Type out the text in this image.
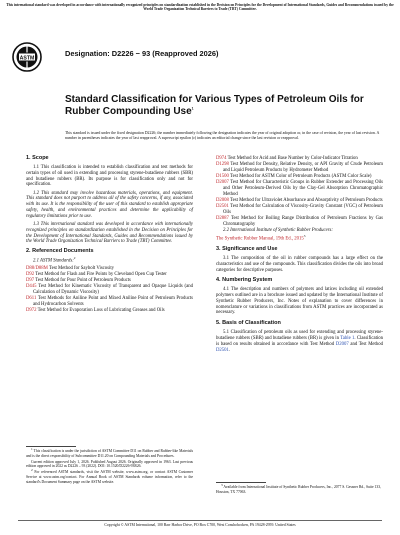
This international standard was developed in accordance with internationally recognized principles on standardization established in the Decision on Principles for the Development of International Standards, Guides and Recommendations issued by the World Trade Organization Technical Barriers to Trade (TBT) Committee.
ASTM
Designation: D2226 − 93 (Reapproved 2026)
Standard Classification for Various Types of Petroleum Oils for Rubber Compounding Use$^1$
This standard is issued under the fixed designation D2226; the number immediately following the designation indicates the year of original adoption or, in the case of revision, the year of last revision. A number in parentheses indicates the year of last reapproval. A superscript epsilon (ε) indicates an editorial change since the last revision or reapproval.
1. Scope
1.1 This classification is intended to establish classification and test methods for certain types of oil used in extending and processing styrene-butadiene rubbers (SBR) and butadiene rubbers (BR). Its purpose is for classification only and not for specification.
1.2 This standard may involve hazardous materials, operations, and equipment. This standard does not purport to address all of the safety concerns, if any, associated with its use. It is the responsibility of the user of this standard to establish appropriate safety, health, and environmental practices and determine the applicability of regulatory limitations prior to use.
1.3 This international standard was developed in accordance with internationally recognized principles on standardization established in the Decision on Principles for the Development of International Standards, Guides and Recommendations issued by the World Trade Organization Technical Barriers to Trade (TBT) Committee.
2. Referenced Documents
2.1 ASTM Standards:$^2$
D88/D88M Test Method for Saybolt Viscosity
D92 Test Method for Flash and Fire Points by Cleveland Open Cup Tester
D97 Test Method for Pour Point of Petroleum Products
D445 Test Method for Kinematic Viscosity of Transparent and Opaque Liquids (and Calculation of Dynamic Viscosity)
D611 Test Methods for Aniline Point and Mixed Aniline Point of Petroleum Products and Hydrocarbon Solvents
D972 Test Method for Evaporation Loss of Lubricating Greases and Oils

1 This classification is under the jurisdiction of ASTM Committee D11 on Rubber and Rubber-like Materials and is the direct responsibility of Subcommittee D11.20 on Compounding Materials and Procedures.

Current edition approved July 1, 2026. Published August 2026. Originally approved in 1963. Last previous edition approved in 2022 as D2226 – 93 (2022). DOI: 10.1520/D2226-93R26.

2 For referenced ASTM standards, visit the ASTM website, www.astm.org, or contact ASTM Customer Service at www.astm.org/contact. For Annual Book of ASTM Standards volume information, refer to the standard's Document Summary page on the ASTM website.

D974 Test Method for Acid and Base Number by Color-Indicator Titration
D1298 Test Method for Density, Relative Density, or API Gravity of Crude Petroleum and Liquid Petroleum Products by Hydrometer Method
D1500 Test Method for ASTM Color of Petroleum Products (ASTM Color Scale)
D2007 Test Method for Characteristic Groups in Rubber Extender and Processing Oils and Other Petroleum-Derived Oils by the Clay-Gel Absorption Chromatographic Method
D2008 Test Method for Ultraviolet Absorbance and Absorptivity of Petroleum Products
D2501 Test Method for Calculation of Viscosity-Gravity Constant (VGC) of Petroleum Oils
D2887 Test Method for Boiling Range Distribution of Petroleum Fractions by Gas Chromatography
2.2 International Institute of Synthetic Rubber Producers:
The Synthetic Rubber Manual, 19th Ed., 2015$^3$
3. Significance and Use
3.1 The composition of the oil in rubber compounds has a large effect on the characteristics and use of the compounds. This classification divides the oils into broad categories for descriptive purposes.
4. Numbering System
4.1 The description and numbers of polymers and latices including oil extended polymers outlined are in a brochure issued and updated by the International Institute of Synthetic Rubber Producers, Inc. Notes of explanation to cover differences in nomenclature or variations in classifications from ASTM practices are incorporated as necessary.
5. Basis of Classification
5.1 Classification of petroleum oils as used for extending and processing styrene-butadiene rubbers (SBR) and butadiene rubbers (BR) is given in Table 1. Classification is based on results obtained in accordance with Test Method D2007 and Test Method D2501.

3 Available from International Institute of Synthetic Rubber Producers, Inc., 2077 S. Gessner Rd., Suite 133, Houston, TX 77063.

Copyright © ASTM International, 100 Barr Harbor Drive, PO Box C700, West Conshohocken, PA 19428-2959. United States
